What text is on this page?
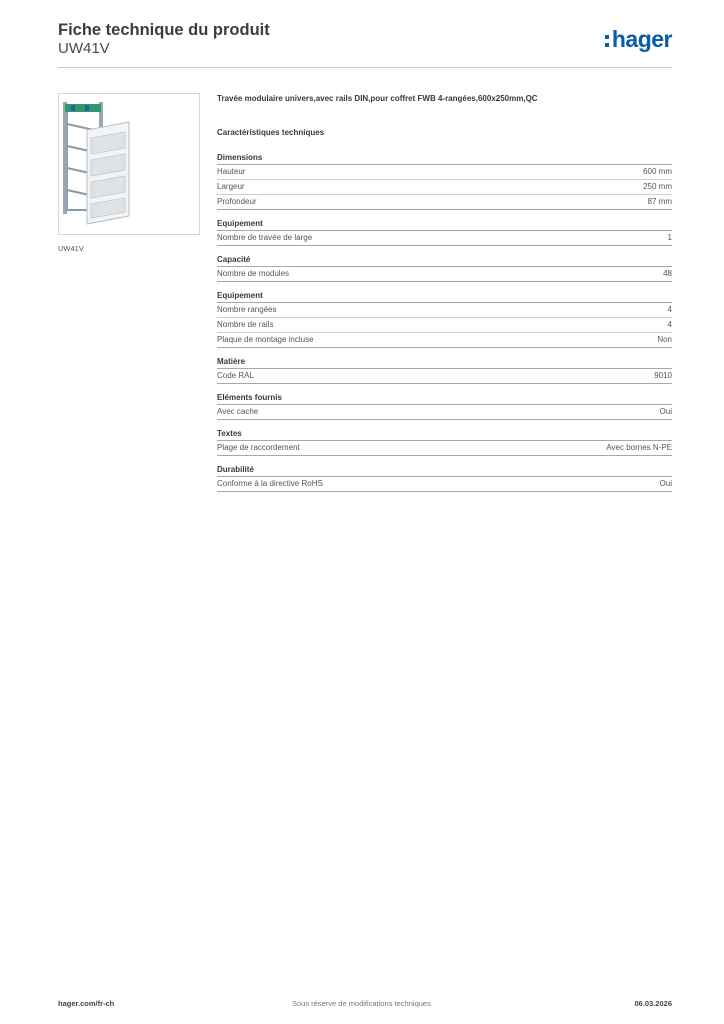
Fiche technique du produit
UW41V	hager
UW41V
Travée modulaire univers,avec rails DIN,pour coffret FWB 4-rangées,600x250mm,QC
Caractéristiques techniques
Dimensions
Hauteur	600 mm
Largeur	250 mm
Profondeur	87 mm
Equipement
Nombre de travée de large	1
Capacité
Nombre de modules	48
Equipement
Nombre rangées	4
Nombre de rails	4
Plaque de montage incluse	Non
Matière
Code RAL	9010
Eléments fournis
Avec cache	Oui
Textes
Plage de raccordement	Avec bornes N-PE
Durabilité
Conforme à la directive RoHS	Oui
hager.com/fr-ch	Sous réserve de modifications techniques	06.03.2026
